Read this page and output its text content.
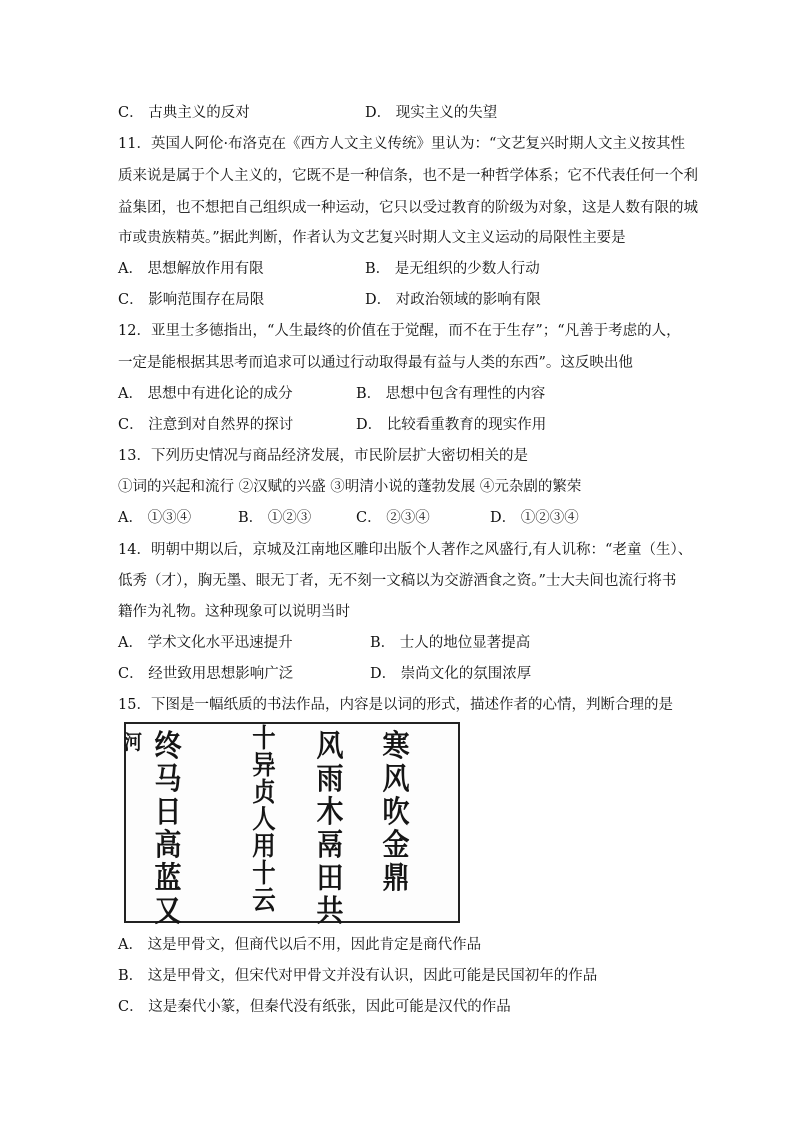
C． 古典主义的反对	D． 现实主义的失望
11．英国人阿伦·布洛克在《西方人文主义传统》里认为：“文艺复兴时期人文主义按其性
质来说是属于个人主义的，它既不是一种信条，也不是一种哲学体系；它不代表任何一个利
益集团，也不想把自己组织成一种运动，它只以受过教育的阶级为对象，这是人数有限的城
市或贵族精英。”据此判断，作者认为文艺复兴时期人文主义运动的局限性主要是
A． 思想解放作用有限	B． 是无组织的少数人行动
C． 影响范围存在局限	D． 对政治领域的影响有限
12．亚里士多德指出，“人生最终的价值在于觉醒，而不在于生存”；“凡善于考虑的人，
一定是能根据其思考而追求可以通过行动取得最有益与人类的东西”。这反映出他
A． 思想中有进化论的成分	B． 思想中包含有理性的内容
C． 注意到对自然界的探讨	D． 比较看重教育的现实作用
13．下列历史情况与商品经济发展，市民阶层扩大密切相关的是
①词的兴起和流行 ②汉赋的兴盛 ③明清小说的蓬勃发展 ④元杂剧的繁荣
A． ①③④	B． ①②③	C． ②③④	D． ①②③④
14．明朝中期以后，京城及江南地区雕印出版个人著作之风盛行,有人讥称：“老童（生）、
低秀（才），胸无墨、眼无丁者，无不刻一文稿以为交游酒食之资。”士大夫间也流行将书
籍作为礼物。这种现象可以说明当时
A． 学术文化水平迅速提升	B． 士人的地位显著提高
C． 经世致用思想影响广泛	D． 崇尚文化的氛围浓厚
15．下图是一幅纸质的书法作品，内容是以词的形式，描述作者的心情，判断合理的是
寒
风
吹
金
鼎
风
雨
木
鬲
田
共
十
异
贞
人
用
十
云
终
马
日
高
蓝
又
河
A． 这是甲骨文，但商代以后不用，因此肯定是商代作品
B． 这是甲骨文，但宋代对甲骨文并没有认识，因此可能是民国初年的作品
C． 这是秦代小篆，但秦代没有纸张，因此可能是汉代的作品
